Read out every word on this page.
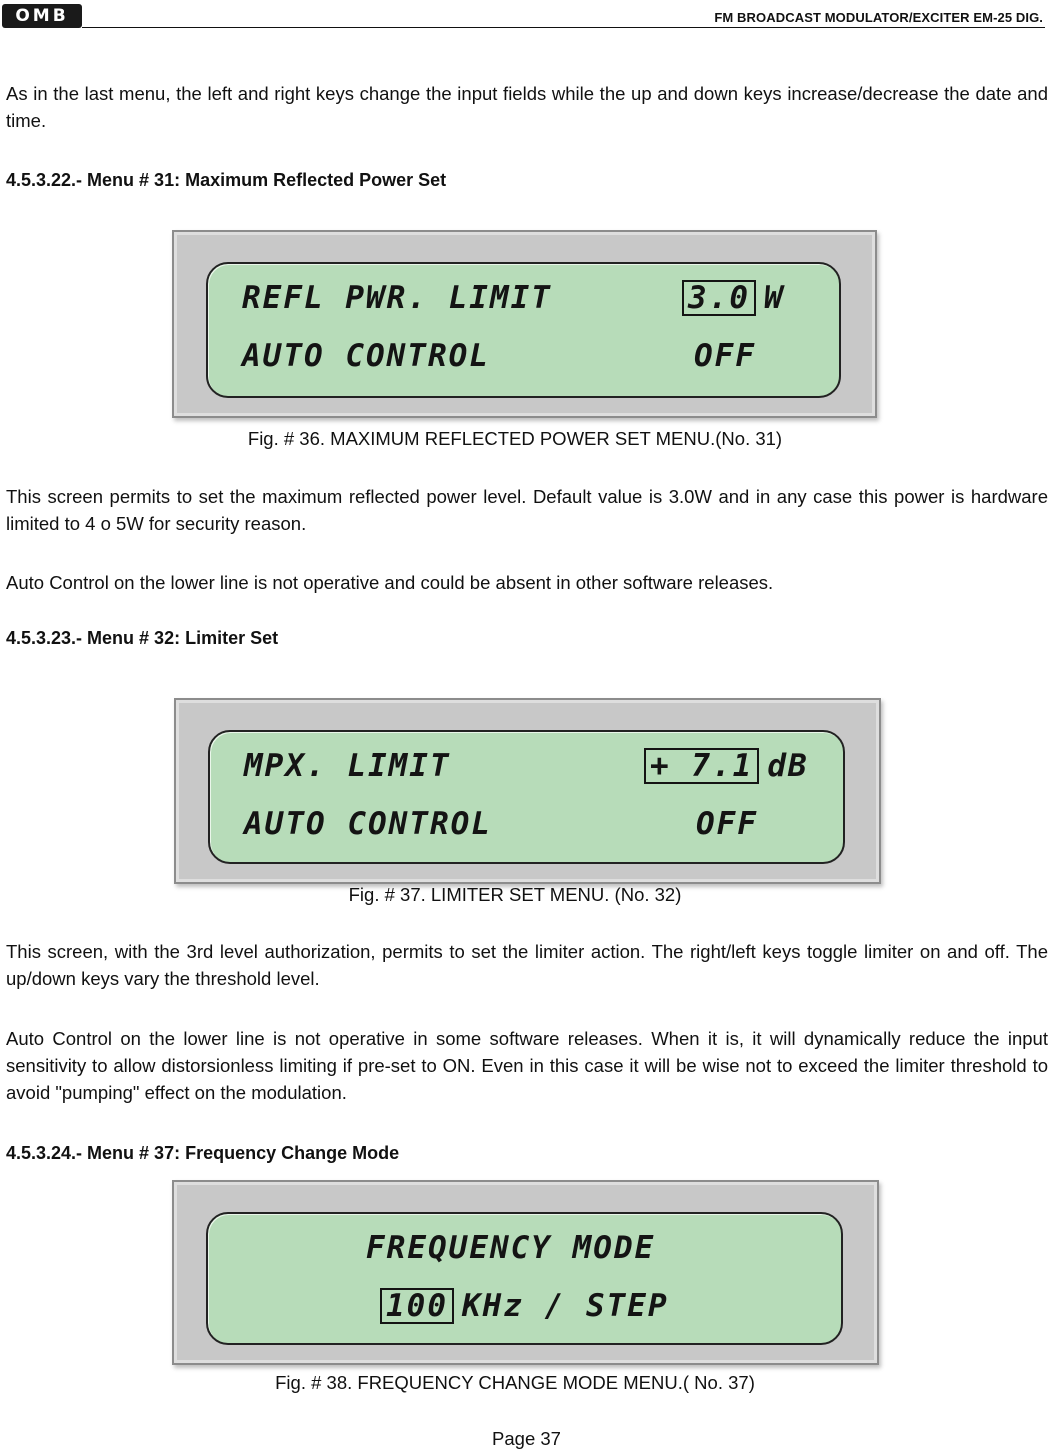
OMB	FM BROADCAST MODULATOR/EXCITER EM-25 DIG.

As in the last menu, the left and right keys change the input fields while the up and down keys increase/decrease the date and time.

4.5.3.22.- Menu # 31: Maximum Reflected Power Set

REFL PWR. LIMIT	3.0 W
AUTO CONTROL	OFF

Fig. # 36. MAXIMUM REFLECTED POWER SET MENU.(No. 31)

This screen permits to set the maximum reflected power level. Default value is 3.0W and in any case this power is hardware limited to 4 o 5W for security reason.

Auto Control on the lower line is not operative and could be absent in other software releases.

4.5.3.23.- Menu # 32: Limiter Set

MPX. LIMIT	+ 7.1 dB
AUTO CONTROL	OFF

Fig. # 37. LIMITER SET MENU. (No. 32)

This screen, with the 3rd level authorization, permits to set the limiter action. The right/left keys toggle limiter on and off. The up/down keys vary the threshold level.

Auto Control on the lower line is not operative in some software releases. When it is, it will dynamically reduce the input sensitivity to allow distorsionless limiting if pre-set to ON. Even in this case it will be wise not to exceed the limiter threshold to avoid "pumping" effect on the modulation.

4.5.3.24.- Menu # 37: Frequency Change Mode

FREQUENCY MODE
100 KHz / STEP

Fig. # 38. FREQUENCY CHANGE MODE MENU.( No. 37)

Page 37
